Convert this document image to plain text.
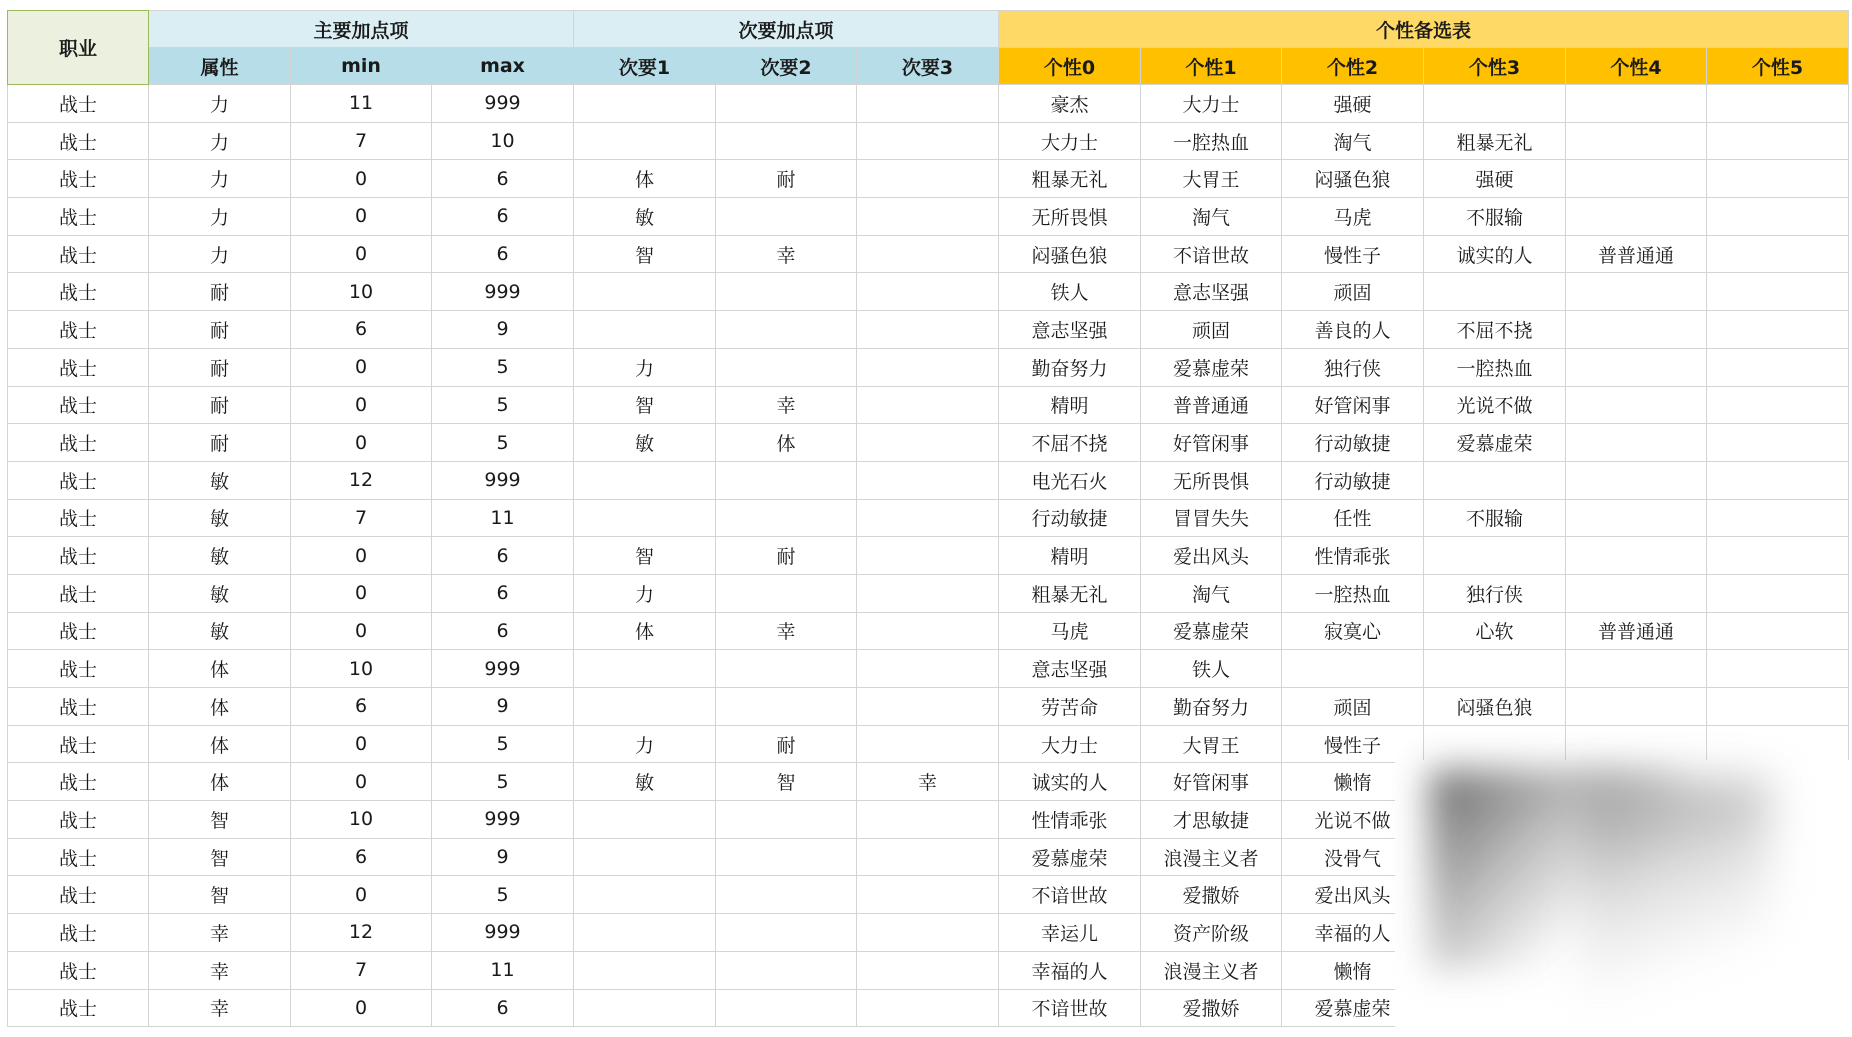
职业	主要加点项			次要加点项			个性备选表					
	属性	min	max	次要1	次要2	次要3	个性0	个性1	个性2	个性3	个性4	个性5
战士	力	11	999				豪杰	大力士	强硬			
战士	力	7	10				大力士	一腔热血	淘气	粗暴无礼		
战士	力	0	6	体	耐		粗暴无礼	大胃王	闷骚色狼	强硬		
战士	力	0	6	敏			无所畏惧	淘气	马虎	不服输		
战士	力	0	6	智	幸		闷骚色狼	不谙世故	慢性子	诚实的人	普普通通	
战士	耐	10	999				铁人	意志坚强	顽固			
战士	耐	6	9				意志坚强	顽固	善良的人	不屈不挠		
战士	耐	0	5	力			勤奋努力	爱慕虚荣	独行侠	一腔热血		
战士	耐	0	5	智	幸		精明	普普通通	好管闲事	光说不做		
战士	耐	0	5	敏	体		不屈不挠	好管闲事	行动敏捷	爱慕虚荣		
战士	敏	12	999				电光石火	无所畏惧	行动敏捷			
战士	敏	7	11				行动敏捷	冒冒失失	任性	不服输		
战士	敏	0	6	智	耐		精明	爱出风头	性情乖张			
战士	敏	0	6	力			粗暴无礼	淘气	一腔热血	独行侠		
战士	敏	0	6	体	幸		马虎	爱慕虚荣	寂寞心	心软	普普通通	
战士	体	10	999				意志坚强	铁人				
战士	体	6	9				劳苦命	勤奋努力	顽固	闷骚色狼		
战士	体	0	5	力	耐		大力士	大胃王	慢性子			
战士	体	0	5	敏	智	幸	诚实的人	好管闲事	懒惰			
战士	智	10	999				性情乖张	才思敏捷	光说不做			
战士	智	6	9				爱慕虚荣	浪漫主义者	没骨气			
战士	智	0	5				不谙世故	爱撒娇	爱出风头			
战士	幸	12	999				幸运儿	资产阶级	幸福的人			
战士	幸	7	11				幸福的人	浪漫主义者	懒惰			
战士	幸	0	6				不谙世故	爱撒娇	爱慕虚荣			
